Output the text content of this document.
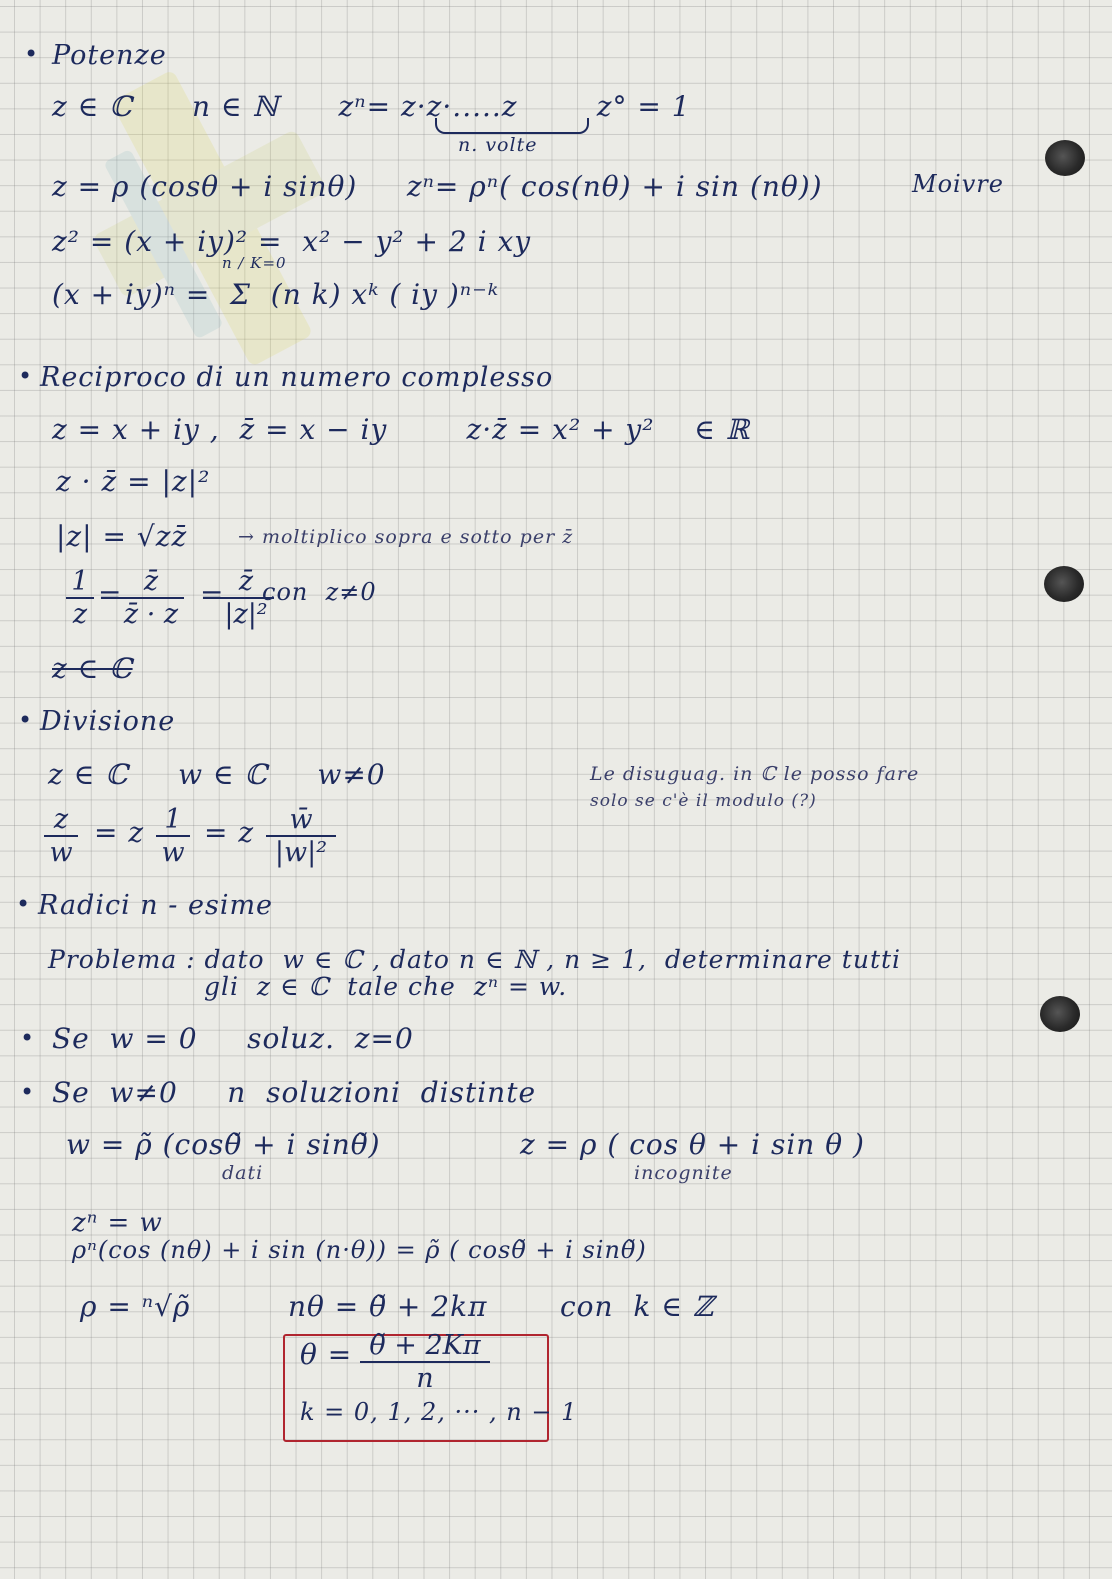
• Potenze
z ∈ ℂ      n ∈ ℕ      zⁿ= z·z·.....z        z° = 1
n. volte
z = ρ (cosθ + i sinθ)     zⁿ= ρⁿ( cos(nθ) + i sin (nθ))	Moivre
z² = (x + iy)² =  x² − y² + 2 i xy
(x + iy)ⁿ =  Σ  (n k) xᵏ ( iy )ⁿ⁻ᵏ
n / K=0
• Reciproco di un numero complesso
z = x + iy ,  z̄ = x − iy        z·z̄ = x² + y²    ∈ ℝ
z · z̄ = |z|²
|z| = √zz̄	→ moltiplico sopra e sotto per z̄
$\frac{1}{z}$ =
$\frac{z̄}{z̄ \cdot z}$ =
$\frac{z̄}{\text{|z|²}}$
con  z≠0
z ∈ ℂ
• Divisione
z ∈ ℂ     w ∈ ℂ     w≠0	Le disuguag. in ℂ le posso fare
solo se c'è il modulo (?)
$\frac{z}{w} = z \frac{1}{w} = z \frac{w̄}{\text{|w|²}}$
• Radici n - esime
Problema : dato  w ∈ ℂ , dato n ∈ ℕ , n ≥ 1,  determinare tutti
gli  z ∈ ℂ  tale che  zⁿ = w.
• Se  w = 0     soluz.  z=0
• Se  w≠0     n  soluzioni  distinte
w = ρ̃ (cosθ̃ + i sinθ̃)
dati
z = ρ ( cos θ + i sin θ )
incognite
zⁿ = w
ρⁿ(cos (nθ) + i sin (n·θ)) = ρ̃ ( cosθ̃ + i sinθ̃)
ρ = ⁿ√ρ̃	nθ = θ̃ + 2kπ	con  k ∈ ℤ
$\theta = \frac{\thetã + 2K\pi}{n}$
k = 0, 1, 2, ··· , n − 1
